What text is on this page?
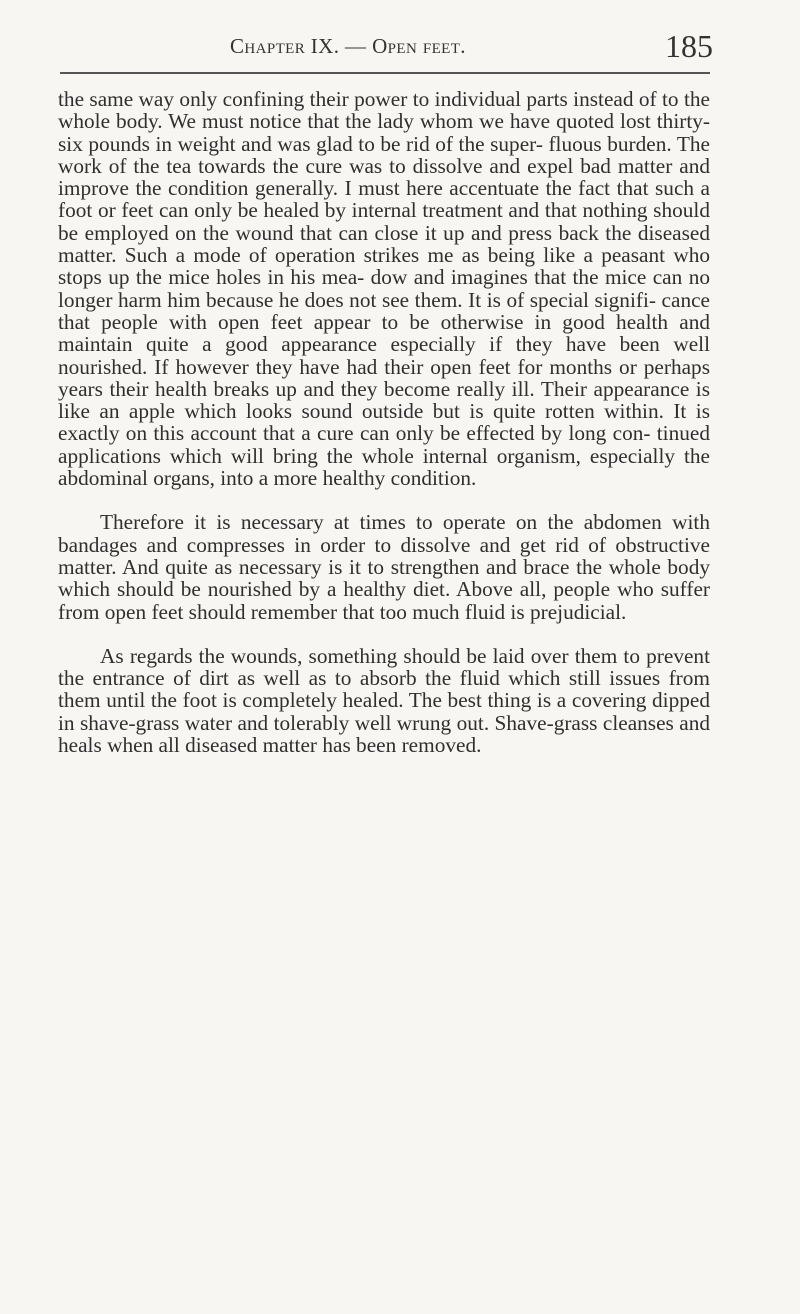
Chapter IX. — Open feet.	185

the same way only confining their power to individual parts instead of to the whole body. We must notice that the lady whom we have quoted lost thirty-six pounds in weight and was glad to be rid of the super- fluous burden. The work of the tea towards the cure was to dissolve and expel bad matter and improve the condition generally. I must here accentuate the fact that such a foot or feet can only be healed by internal treatment and that nothing should be employed on the wound that can close it up and press back the diseased matter. Such a mode of operation strikes me as being like a peasant who stops up the mice holes in his mea- dow and imagines that the mice can no longer harm him because he does not see them. It is of special signifi- cance that people with open feet appear to be otherwise in good health and maintain quite a good appearance especially if they have been well nourished. If however they have had their open feet for months or perhaps years their health breaks up and they become really ill. Their appearance is like an apple which looks sound outside but is quite rotten within. It is exactly on this account that a cure can only be effected by long con- tinued applications which will bring the whole internal organism, especially the abdominal organs, into a more healthy condition.

Therefore it is necessary at times to operate on the abdomen with bandages and compresses in order to dissolve and get rid of obstructive matter. And quite as necessary is it to strengthen and brace the whole body which should be nourished by a healthy diet. Above all, people who suffer from open feet should remember that too much fluid is prejudicial.

As regards the wounds, something should be laid over them to prevent the entrance of dirt as well as to absorb the fluid which still issues from them until the foot is completely healed. The best thing is a covering dipped in shave-grass water and tolerably well wrung out. Shave-grass cleanses and heals when all diseased matter has been removed.
